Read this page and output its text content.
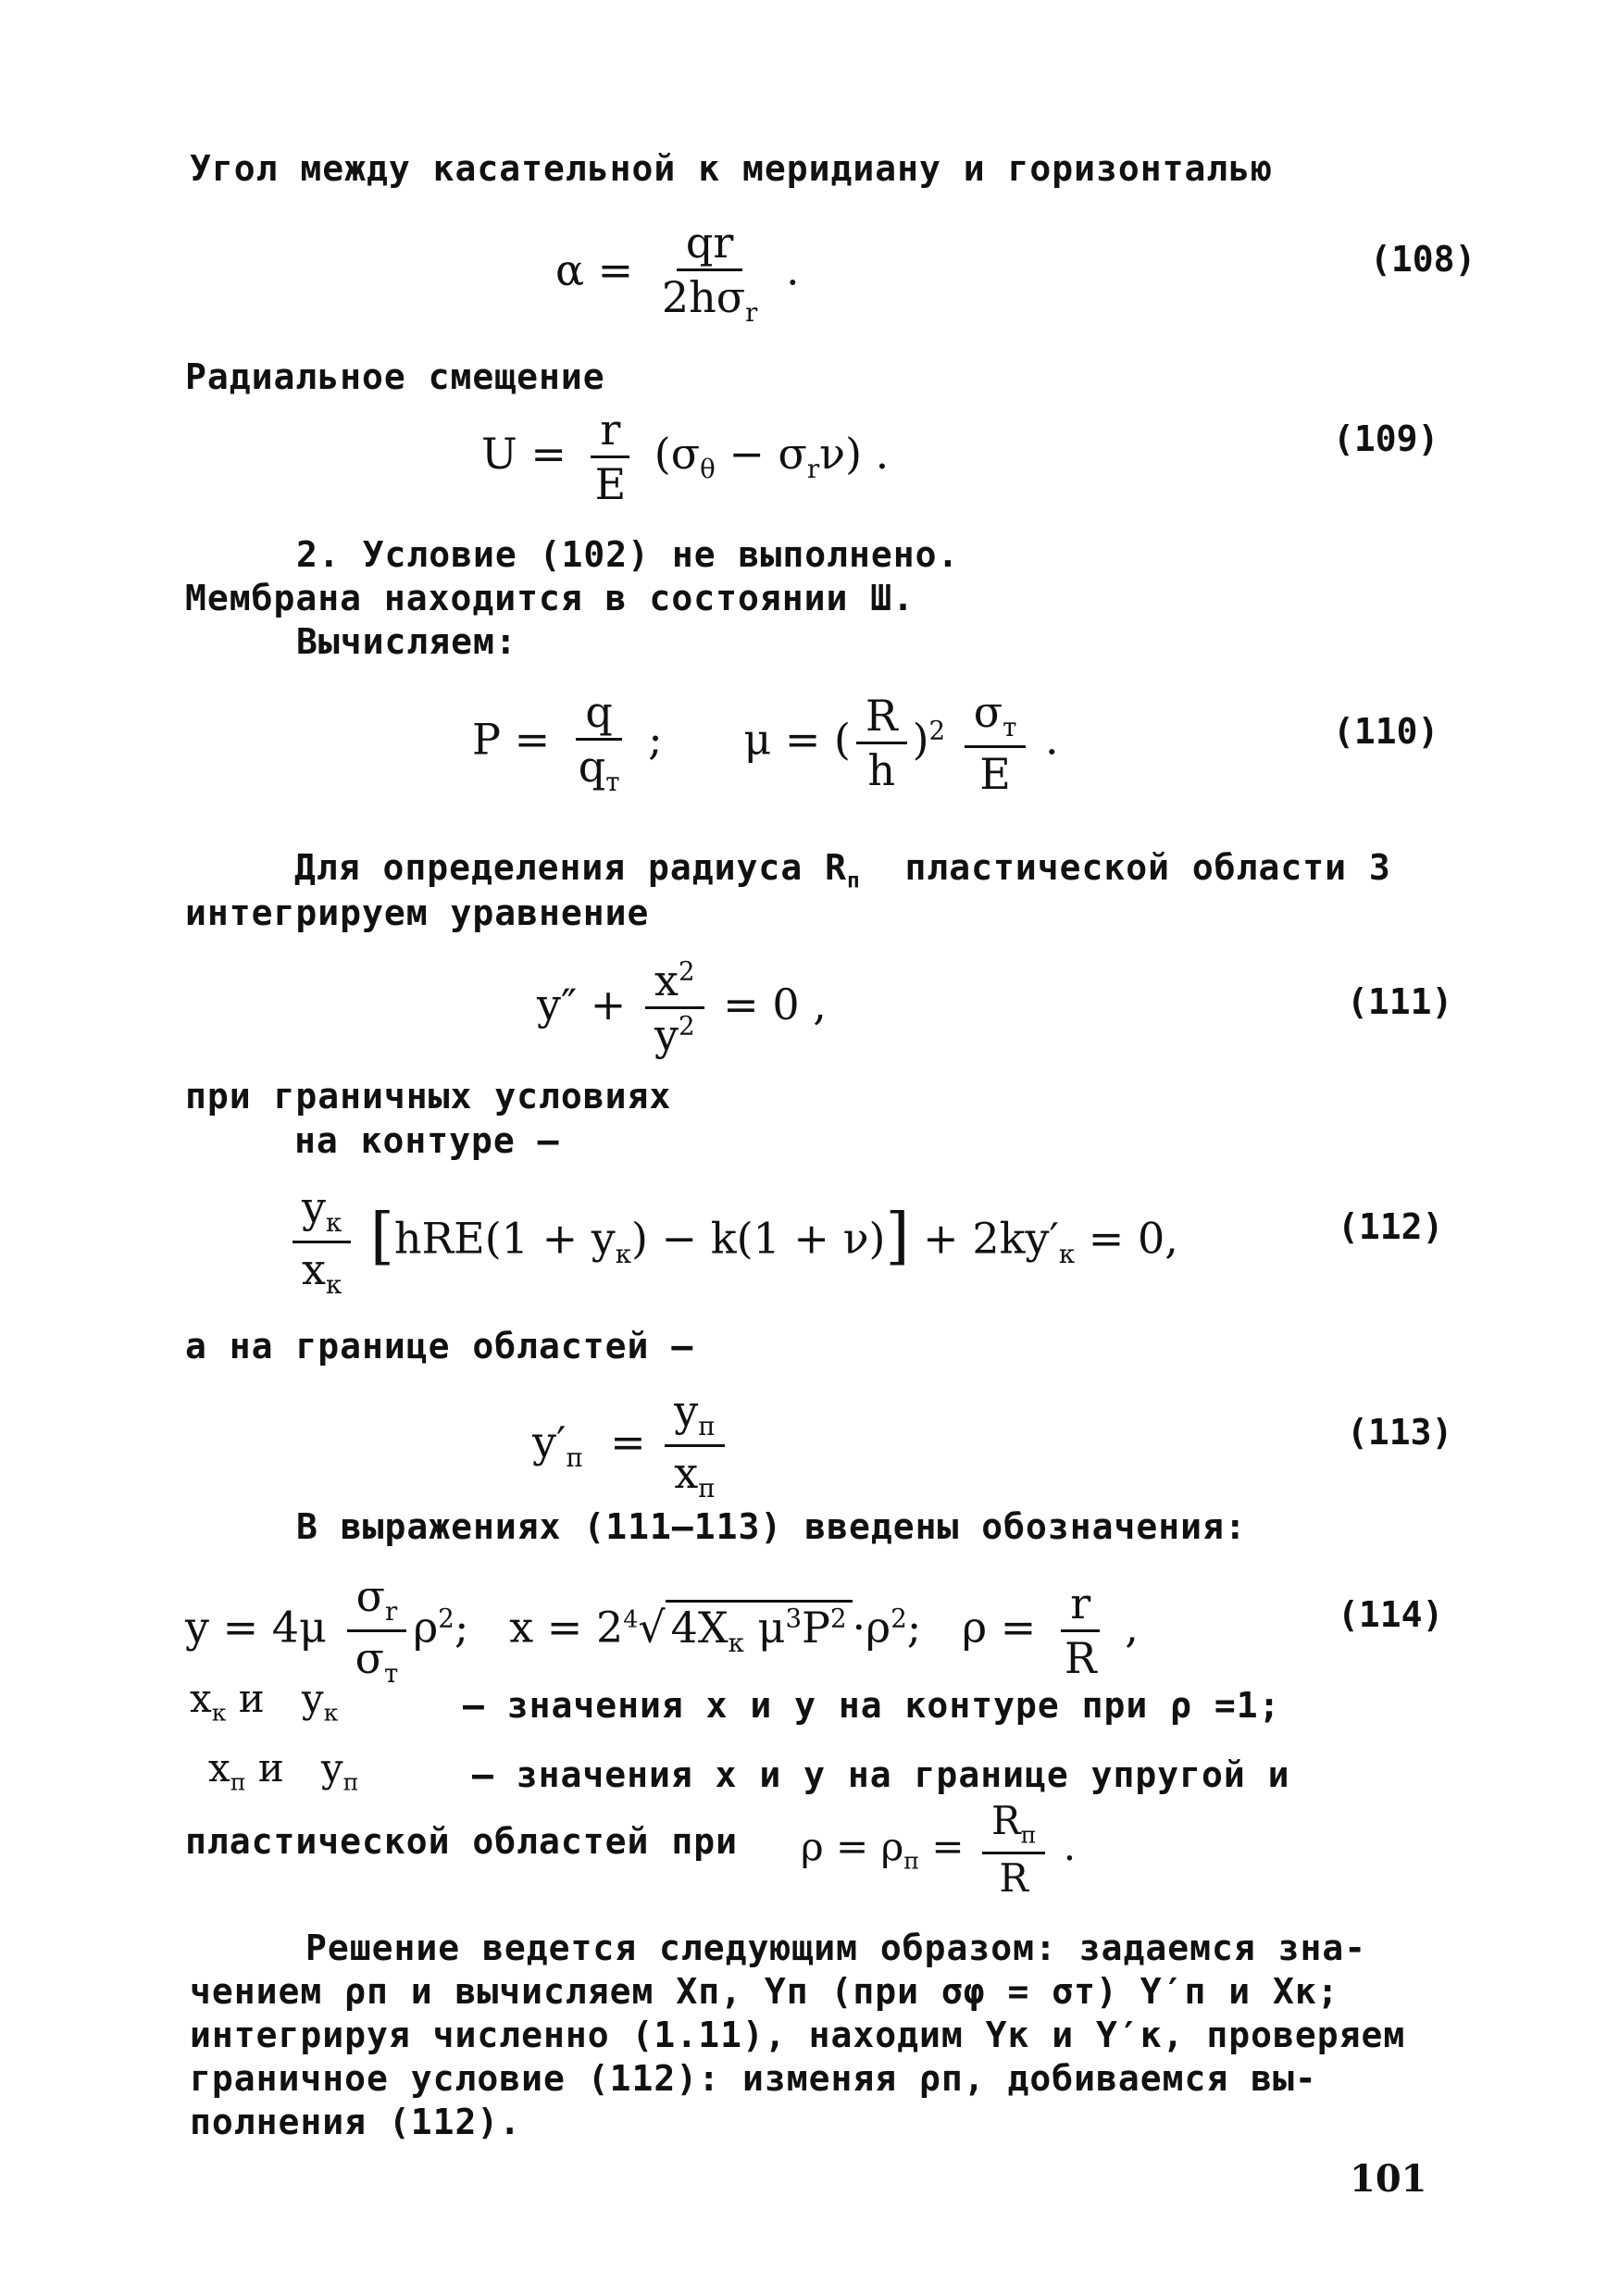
Угол между касательной к меридиану и горизонталью
$\alpha = \frac{qr}{2h\sigma_r}$ .	(108)
Радиальное смещение
$U = \frac{r}{E} (\sigma_\theta - \sigma_r\nu)$ .	(109)
2. Условие (102) не выполнено.
Мембрана находится в состоянии Ш.
Вычисляем:
$P = \frac{q}{q_т}$ ;      μ = ( $\frac{R}{h} )^2 \frac{\sigma_т}{E}$ .	(110)
Для определения радиуса $R_п$ пластической области 3
интегрируем уравнение
$y'' + \frac{x^2}{y^2} = 0$ ,	(111)
при граничных условиях
на контуре –
$\frac{y_к}{x_к} [hRE(1 + y_к) - k(1 + \nu)] + 2ky'_к = 0$,	(112)
а на границе областей –
$y'_п = \frac{y_п}{x_п}$	(113)
В выражениях (111–113) введены обозначения:
$y = 4\mu \frac{\sigma_r}{\sigma_т} \rho^2$;   $x = 2^4√$ $4X_к$ $\mu^3P^2 \cdot\rho^2$;   $\rho = \frac{r}{R}$ ,	(114)
$x_к$ и   $y_к$	– значения x и y на контуре при ρ =1;
$x_п$ и   $y_п$	– значения x и y на границе упругой и
пластической областей при $\rho = \rho_п = \frac{R_п}{R}$ .
Решение ведется следующим образом: задаемся зна-
чением ρп и вычисляем Xп, Yп (при σφ = σт) Y′п и Xк;
интегрируя численно (1.11), находим Yк и Y′к, проверяем
граничное условие (112): изменяя ρп, добиваемся вы-
полнения (112).
101
